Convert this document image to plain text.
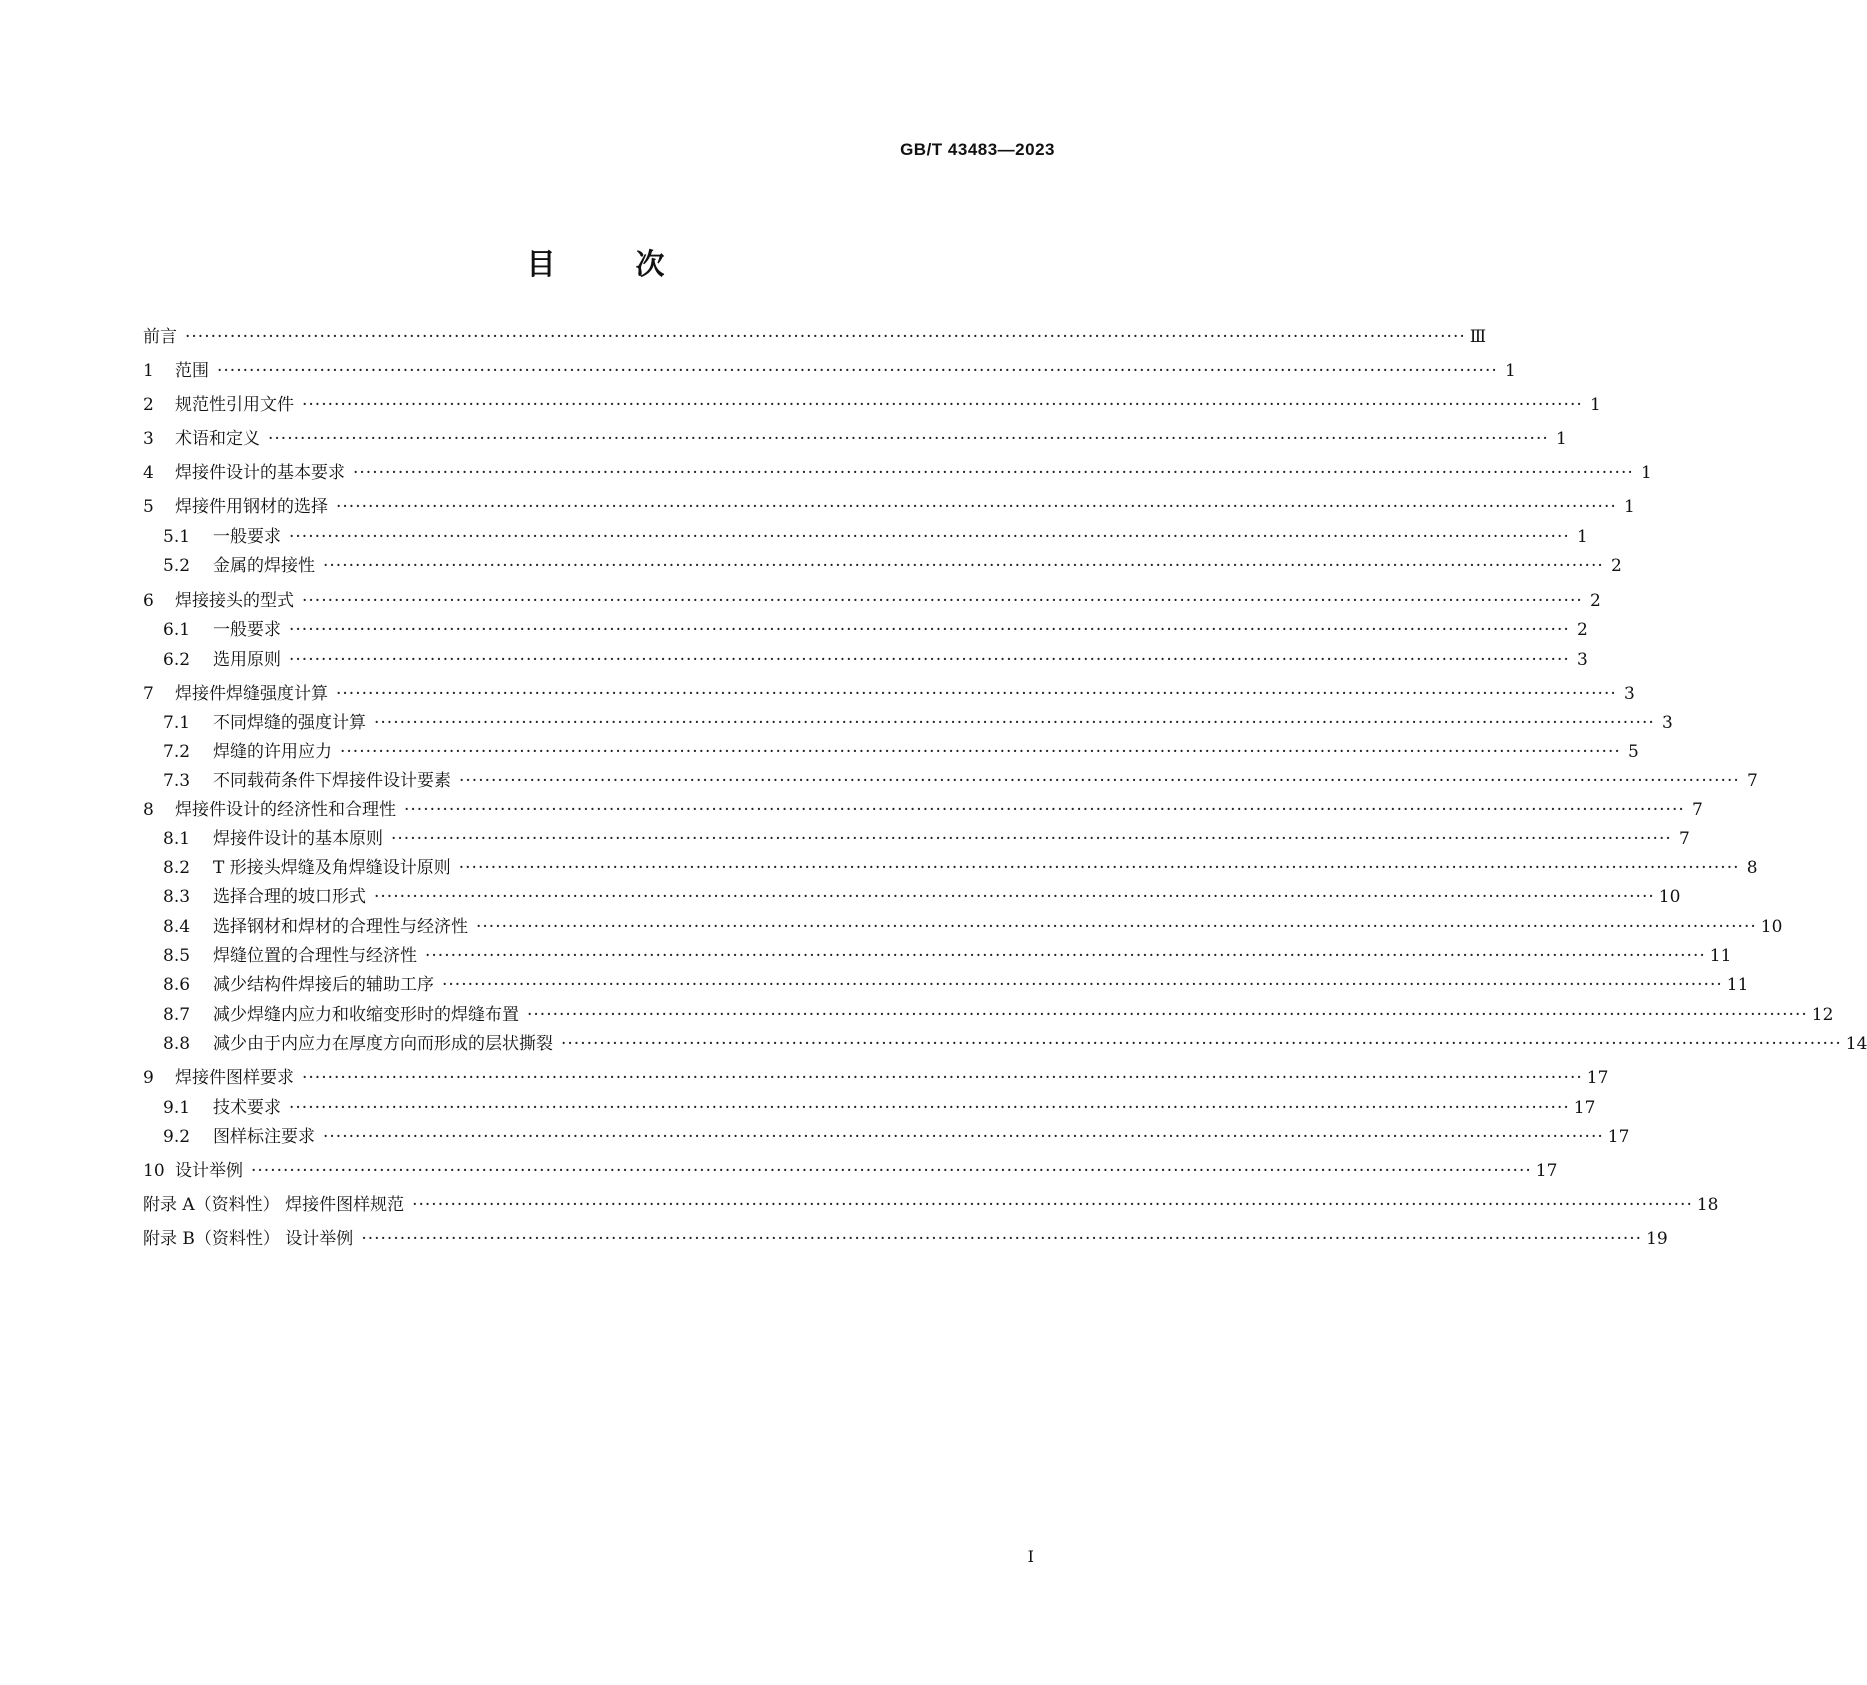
GB/T 43483—2023
目	次
前言 ········································································································································································································ Ⅲ
1	范围 ········································································································································································································ 1
2	规范性引用文件 ········································································································································································································ 1
3	术语和定义 ········································································································································································································ 1
4	焊接件设计的基本要求 ········································································································································································································ 1
5	焊接件用钢材的选择 ········································································································································································································ 1
5.1	一般要求 ········································································································································································································ 1
5.2	金属的焊接性 ········································································································································································································ 2
6	焊接接头的型式 ········································································································································································································ 2
6.1	一般要求 ········································································································································································································ 2
6.2	选用原则 ········································································································································································································ 3
7	焊接件焊缝强度计算 ········································································································································································································ 3
7.1	不同焊缝的强度计算 ········································································································································································································ 3
7.2	焊缝的许用应力 ········································································································································································································ 5
7.3	不同载荷条件下焊接件设计要素 ········································································································································································································ 7
8	焊接件设计的经济性和合理性 ········································································································································································································ 7
8.1	焊接件设计的基本原则 ········································································································································································································ 7
8.2	T 形接头焊缝及角焊缝设计原则 ········································································································································································································ 8
8.3	选择合理的坡口形式 ········································································································································································································ 10
8.4	选择钢材和焊材的合理性与经济性 ········································································································································································································ 10
8.5	焊缝位置的合理性与经济性 ········································································································································································································ 11
8.6	减少结构件焊接后的辅助工序 ········································································································································································································ 11
8.7	减少焊缝内应力和收缩变形时的焊缝布置 ········································································································································································································ 12
8.8	减少由于内应力在厚度方向而形成的层状撕裂 ········································································································································································································ 14
9	焊接件图样要求 ········································································································································································································ 17
9.1	技术要求 ········································································································································································································ 17
9.2	图样标注要求 ········································································································································································································ 17
10 设计举例 ········································································································································································································ 17
附录 A（资料性） 焊接件图样规范 ········································································································································································································ 18
附录 B（资料性） 设计举例 ········································································································································································································ 19
I
